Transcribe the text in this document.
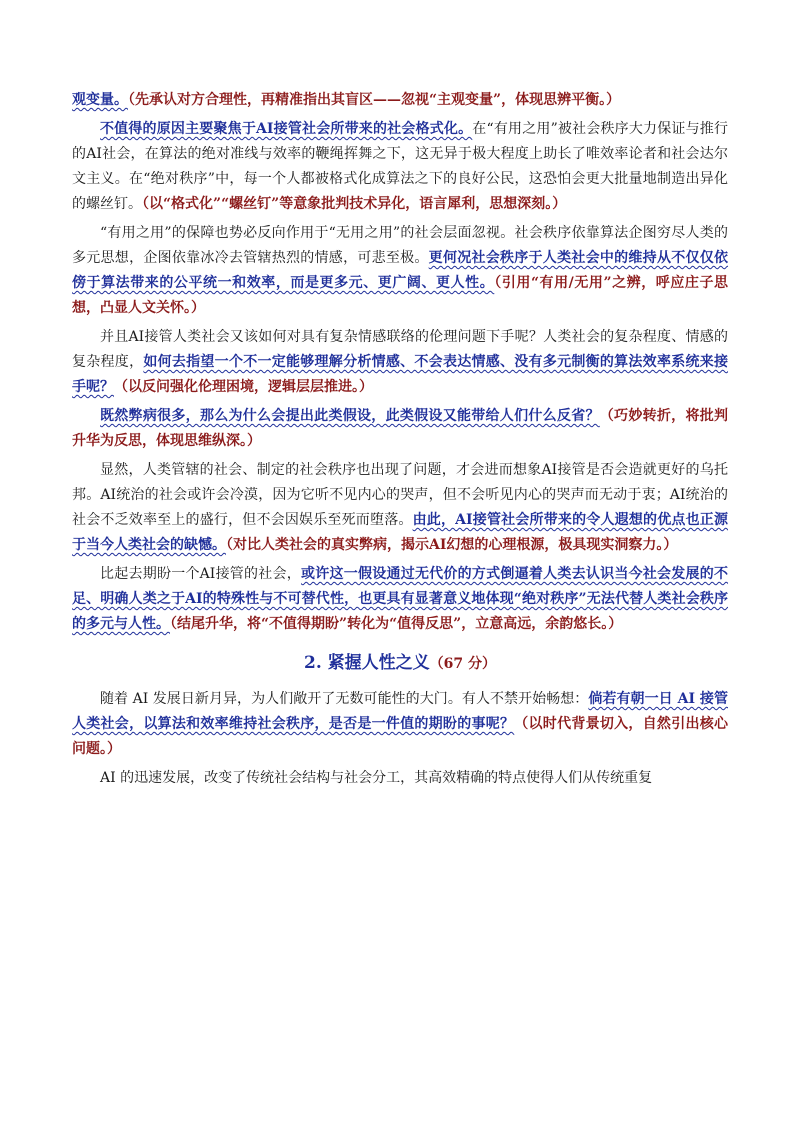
观变量。（先承认对方合理性，再精准指出其盲区——忽视“主观变量”，体现思辨平衡。）

不值得的原因主要聚焦于AI接管社会所带来的社会格式化。在“有用之用”被社会秩序大力保证与推行的AI社会，在算法的绝对准线与效率的鞭绳挥舞之下，这无异于极大程度上助长了唯效率论者和社会达尔文主义。在“绝对秩序”中，每一个人都被格式化成算法之下的良好公民，这恐怕会更大批量地制造出异化的螺丝钉。（以“格式化”“螺丝钉”等意象批判技术异化，语言犀利，思想深刻。）

“有用之用”的保障也势必反向作用于“无用之用”的社会层面忽视。社会秩序依靠算法企图穷尽人类的多元思想，企图依靠冰冷去管辖热烈的情感，可悲至极。更何况社会秩序于人类社会中的维持从不仅仅依傍于算法带来的公平统一和效率，而是更多元、更广阔、更人性。（引用“有用/无用”之辨，呼应庄子思想，凸显人文关怀。）

并且AI接管人类社会又该如何对具有复杂情感联络的伦理问题下手呢？人类社会的复杂程度、情感的复杂程度，如何去指望一个不一定能够理解分析情感、不会表达情感、没有多元制衡的算法效率系统来接手呢？（以反问强化伦理困境，逻辑层层推进。）

既然弊病很多，那么为什么会提出此类假设，此类假设又能带给人们什么反省？（巧妙转折，将批判升华为反思，体现思维纵深。）

显然，人类管辖的社会、制定的社会秩序也出现了问题，才会进而想象AI接管是否会造就更好的乌托邦。AI统治的社会或许会冷漠，因为它听不见内心的哭声，但不会听见内心的哭声而无动于衷；AI统治的社会不乏效率至上的盛行，但不会因娱乐至死而堕落。由此，AI接管社会所带来的令人遐想的优点也正源于当今人类社会的缺憾。（对比人类社会的真实弊病，揭示AI幻想的心理根源，极具现实洞察力。）

比起去期盼一个AI接管的社会，或许这一假设通过无代价的方式倒逼着人类去认识当今社会发展的不足、明确人类之于AI的特殊性与不可替代性，也更具有显著意义地体现“绝对秩序”无法代替人类社会秩序的多元与人性。（结尾升华，将“不值得期盼”转化为“值得反思”，立意高远，余韵悠长。）

2. 紧握人性之义（67 分）

随着 AI 发展日新月异，为人们敞开了无数可能性的大门。有人不禁开始畅想：倘若有朝一日 AI 接管人类社会，以算法和效率维持社会秩序，是否是一件值的期盼的事呢？（以时代背景切入，自然引出核心问题。）

AI 的迅速发展，改变了传统社会结构与社会分工，其高效精确的特点使得人们从传统重复
